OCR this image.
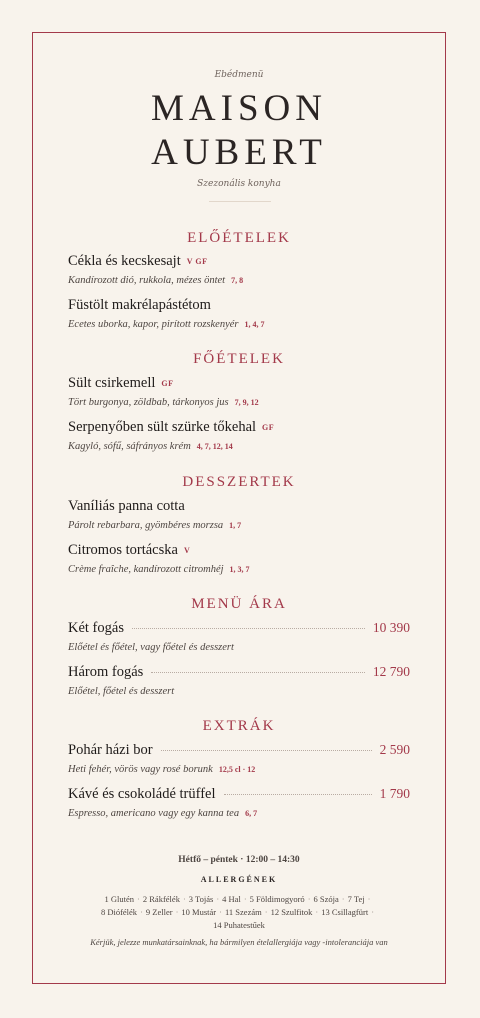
Ebédmenü
MAISON
AUBERT
Szezonális konyha
ELŐÉTELEK
Cékla és kecskesajt V GF
Kandírozott dió, rukkola, mézes öntet 7, 8
Füstölt makrélapástétom
Ecetes uborka, kapor, pirított rozskenyér 1, 4, 7
FŐÉTELEK
Sült csirkemell GF
Tört burgonya, zöldbab, tárkonyos jus 7, 9, 12
Serpenyőben sült szürke tőkehal GF
Kagyló, sófű, sáfrányos krém 4, 7, 12, 14
DESSZERTEK
Vaníliás panna cotta
Párolt rebarbara, gyömbéres morzsa 1, 7
Citromos tortácska V
Crème fraîche, kandírozott citromhéj 1, 3, 7
MENÜ ÁRA
Két fogás	10 390
Előétel és főétel, vagy főétel és desszert
Három fogás	12 790
Előétel, főétel és desszert
EXTRÁK
Pohár házi bor	2 590
Heti fehér, vörös vagy rosé borunk 12,5 cl · 12
Kávé és csokoládé trüffel	1 790
Espresso, americano vagy egy kanna tea 6, 7
Hétfő – péntek · 12:00 – 14:30
ALLERGÉNEK
1 Glutén · 2 Rákfélék · 3 Tojás · 4 Hal · 5 Földimogyoró · 6 Szója · 7 Tej ·
8 Diófélék · 9 Zeller · 10 Mustár · 11 Szezám · 12 Szulfitok · 13 Csillagfürt ·
14 Puhatestűek
Kérjük, jelezze munkatársainknak, ha bármilyen ételallergiája vagy -intoleranciája van
